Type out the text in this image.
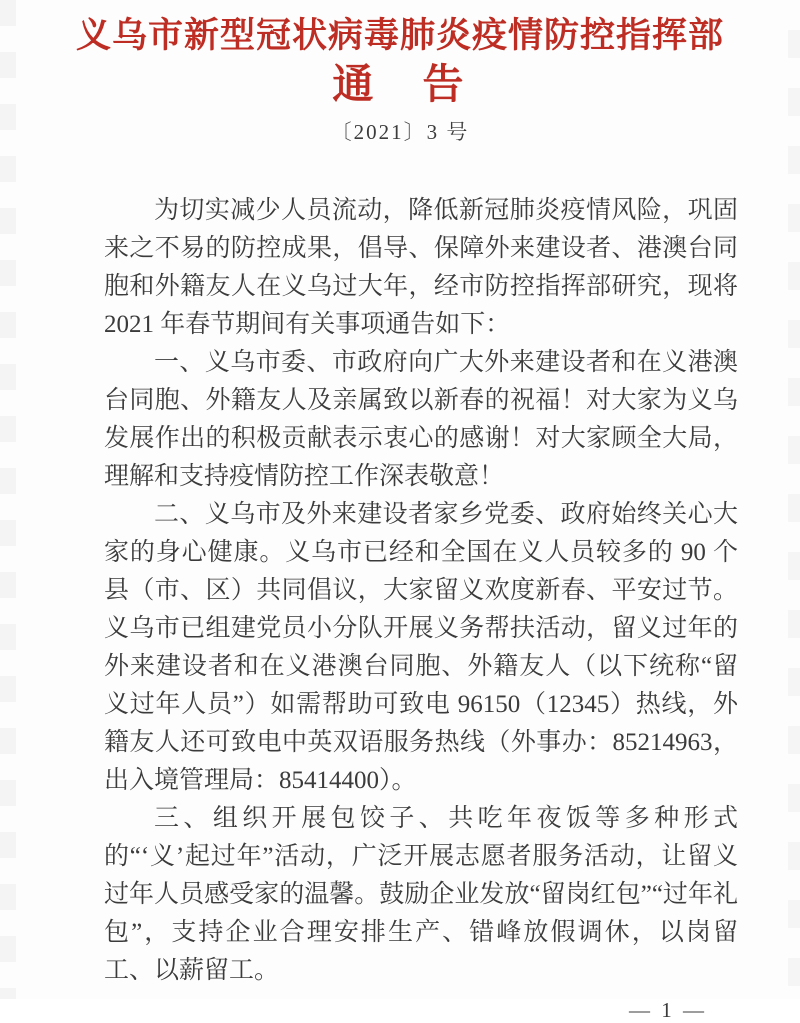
义乌市新型冠状病毒肺炎疫情防控指挥部
通　告
〔2021〕3 号

为切实减少人员流动，降低新冠肺炎疫情风险，巩固来之不易的防控成果，倡导、保障外来建设者、港澳台同胞和外籍友人在义乌过大年，经市防控指挥部研究，现将 2021 年春节期间有关事项通告如下：

一、义乌市委、市政府向广大外来建设者和在义港澳台同胞、外籍友人及亲属致以新春的祝福！对大家为义乌发展作出的积极贡献表示衷心的感谢！对大家顾全大局，理解和支持疫情防控工作深表敬意！

二、义乌市及外来建设者家乡党委、政府始终关心大家的身心健康。义乌市已经和全国在义人员较多的 90 个县（市、区）共同倡议，大家留义欢度新春、平安过节。义乌市已组建党员小分队开展义务帮扶活动，留义过年的外来建设者和在义港澳台同胞、外籍友人（以下统称“留义过年人员”）如需帮助可致电 96150（12345）热线，外籍友人还可致电中英双语服务热线（外事办：85214963，出入境管理局：85414400）。

三、组织开展包饺子、共吃年夜饭等多种形式的“‘义’起过年”活动，广泛开展志愿者服务活动，让留义过年人员感受家的温馨。鼓励企业发放“留岗红包”“过年礼包”，支持企业合理安排生产、错峰放假调休，以岗留工、以薪留工。

— 1 —
